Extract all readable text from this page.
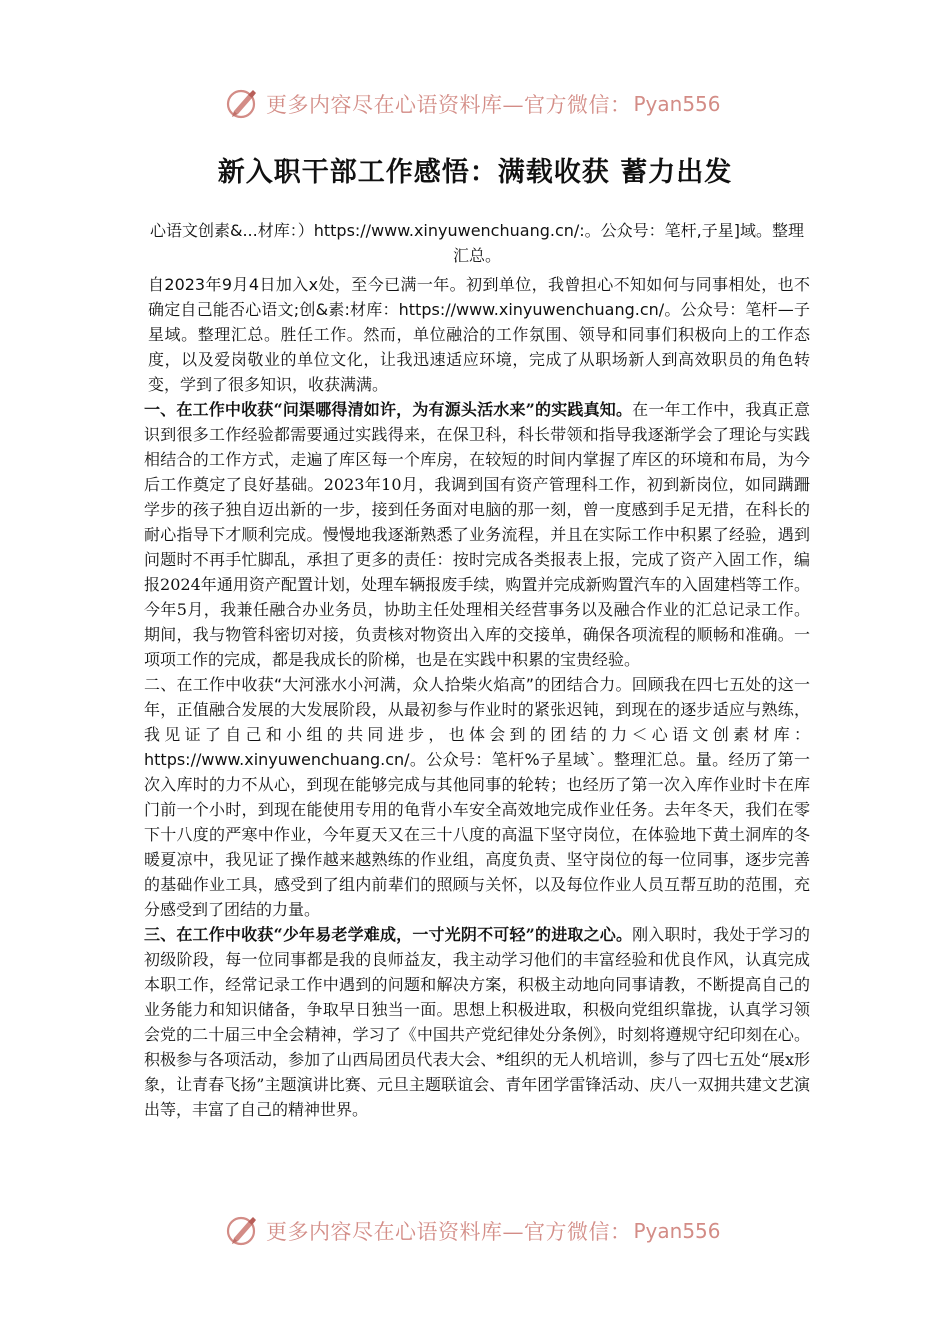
更多内容尽在心语资料库—官方微信： Pyan556
新入职干部工作感悟：满载收获 蓄力出发

心语文创素&...材库：）https://www.xinyuwenchuang.cn/:。公众号：笔杆,子星]域。整理汇总。

自2023年9月4日加入x处，至今已满一年。初到单位，我曾担心不知如何与同事相处，也不确定自己能否心语文;创&素:材库：https://www.xinyuwenchuang.cn/。公众号：笔杆—子星域。整理汇总。胜任工作。然而，单位融洽的工作氛围、领导和同事们积极向上的工作态度，以及爱岗敬业的单位文化，让我迅速适应环境，完成了从职场新人到高效职员的角色转变，学到了很多知识，收获满满。

一、在工作中收获“问渠哪得清如许，为有源头活水来”的实践真知。在一年工作中，我真正意识到很多工作经验都需要通过实践得来，在保卫科，科长带领和指导我逐渐学会了理论与实践相结合的工作方式，走遍了库区每一个库房，在较短的时间内掌握了库区的环境和布局，为今后工作奠定了良好基础。2023年10月，我调到国有资产管理科工作，初到新岗位，如同蹒跚学步的孩子独自迈出新的一步，接到任务面对电脑的那一刻，曾一度感到手足无措，在科长的耐心指导下才顺利完成。慢慢地我逐渐熟悉了业务流程，并且在实际工作中积累了经验，遇到问题时不再手忙脚乱，承担了更多的责任：按时完成各类报表上报，完成了资产入固工作，编报2024年通用资产配置计划，处理车辆报废手续，购置并完成新购置汽车的入固建档等工作。今年5月，我兼任融合办业务员，协助主任处理相关经营事务以及融合作业的汇总记录工作。期间，我与物管科密切对接，负责核对物资出入库的交接单，确保各项流程的顺畅和准确。一项项工作的完成，都是我成长的阶梯，也是在实践中积累的宝贵经验。

二、在工作中收获“大河涨水小河满，众人拾柴火焰高”的团结合力。回顾我在四七五处的这一年，正值融合发展的大发展阶段，从最初参与作业时的紧张迟钝，到现在的逐步适应与熟练，我见证了自己和小组的共同进步，也体会到的团结的力＜心语文创素材库：https://www.xinyuwenchuang.cn/。公众号：笔杆%子星域`。整理汇总。量。经历了第一次入库时的力不从心，到现在能够完成与其他同事的轮转；也经历了第一次入库作业时卡在库门前一个小时，到现在能使用专用的龟背小车安全高效地完成作业任务。去年冬天，我们在零下十八度的严寒中作业，今年夏天又在三十八度的高温下坚守岗位，在体验地下黄土洞库的冬暖夏凉中，我见证了操作越来越熟练的作业组，高度负责、坚守岗位的每一位同事，逐步完善的基础作业工具，感受到了组内前辈们的照顾与关怀，以及每位作业人员互帮互助的范围，充分感受到了团结的力量。

三、在工作中收获“少年易老学难成，一寸光阴不可轻”的进取之心。刚入职时，我处于学习的初级阶段，每一位同事都是我的良师益友，我主动学习他们的丰富经验和优良作风，认真完成本职工作，经常记录工作中遇到的问题和解决方案，积极主动地向同事请教，不断提高自己的业务能力和知识储备，争取早日独当一面。思想上积极进取，积极向党组织靠拢，认真学习领会党的二十届三中全会精神，学习了《中国共产党纪律处分条例》，时刻将遵规守纪印刻在心。积极参与各项活动，参加了山西局团员代表大会、*组织的无人机培训，参与了四七五处“展x形象，让青春飞扬”主题演讲比赛、元旦主题联谊会、青年团学雷锋活动、庆八一双拥共建文艺演出等，丰富了自己的精神世界。

更多内容尽在心语资料库—官方微信： Pyan556
